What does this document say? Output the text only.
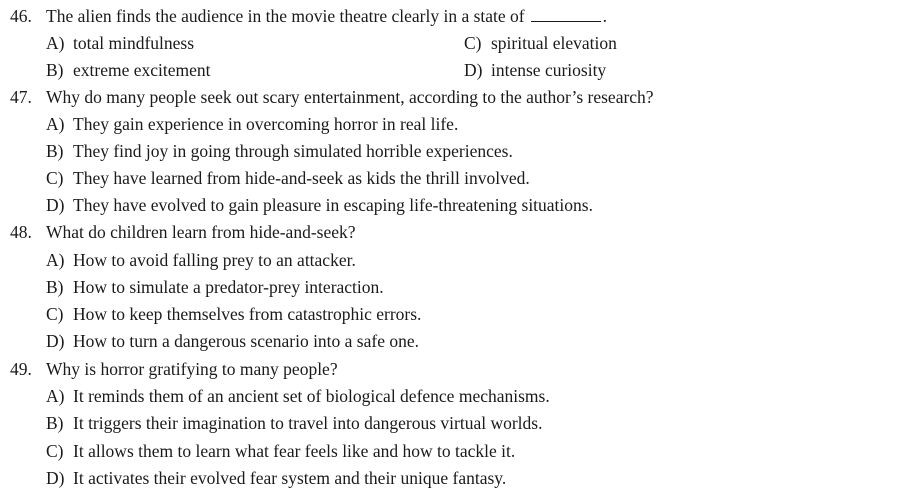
46. The alien finds the audience in the movie theatre clearly in a state of	.
A) total mindfulness	C) spiritual elevation
B) extreme excitement	D) intense curiosity
47. Why do many people seek out scary entertainment, according to the author’s research?
A) They gain experience in overcoming horror in real life.
B) They find joy in going through simulated horrible experiences.
C) They have learned from hide-and-seek as kids the thrill involved.
D) They have evolved to gain pleasure in escaping life-threatening situations.
48. What do children learn from hide-and-seek?
A) How to avoid falling prey to an attacker.
B) How to simulate a predator-prey interaction.
C) How to keep themselves from catastrophic errors.
D) How to turn a dangerous scenario into a safe one.
49. Why is horror gratifying to many people?
A) It reminds them of an ancient set of biological defence mechanisms.
B) It triggers their imagination to travel into dangerous virtual worlds.
C) It allows them to learn what fear feels like and how to tackle it.
D) It activates their evolved fear system and their unique fantasy.
